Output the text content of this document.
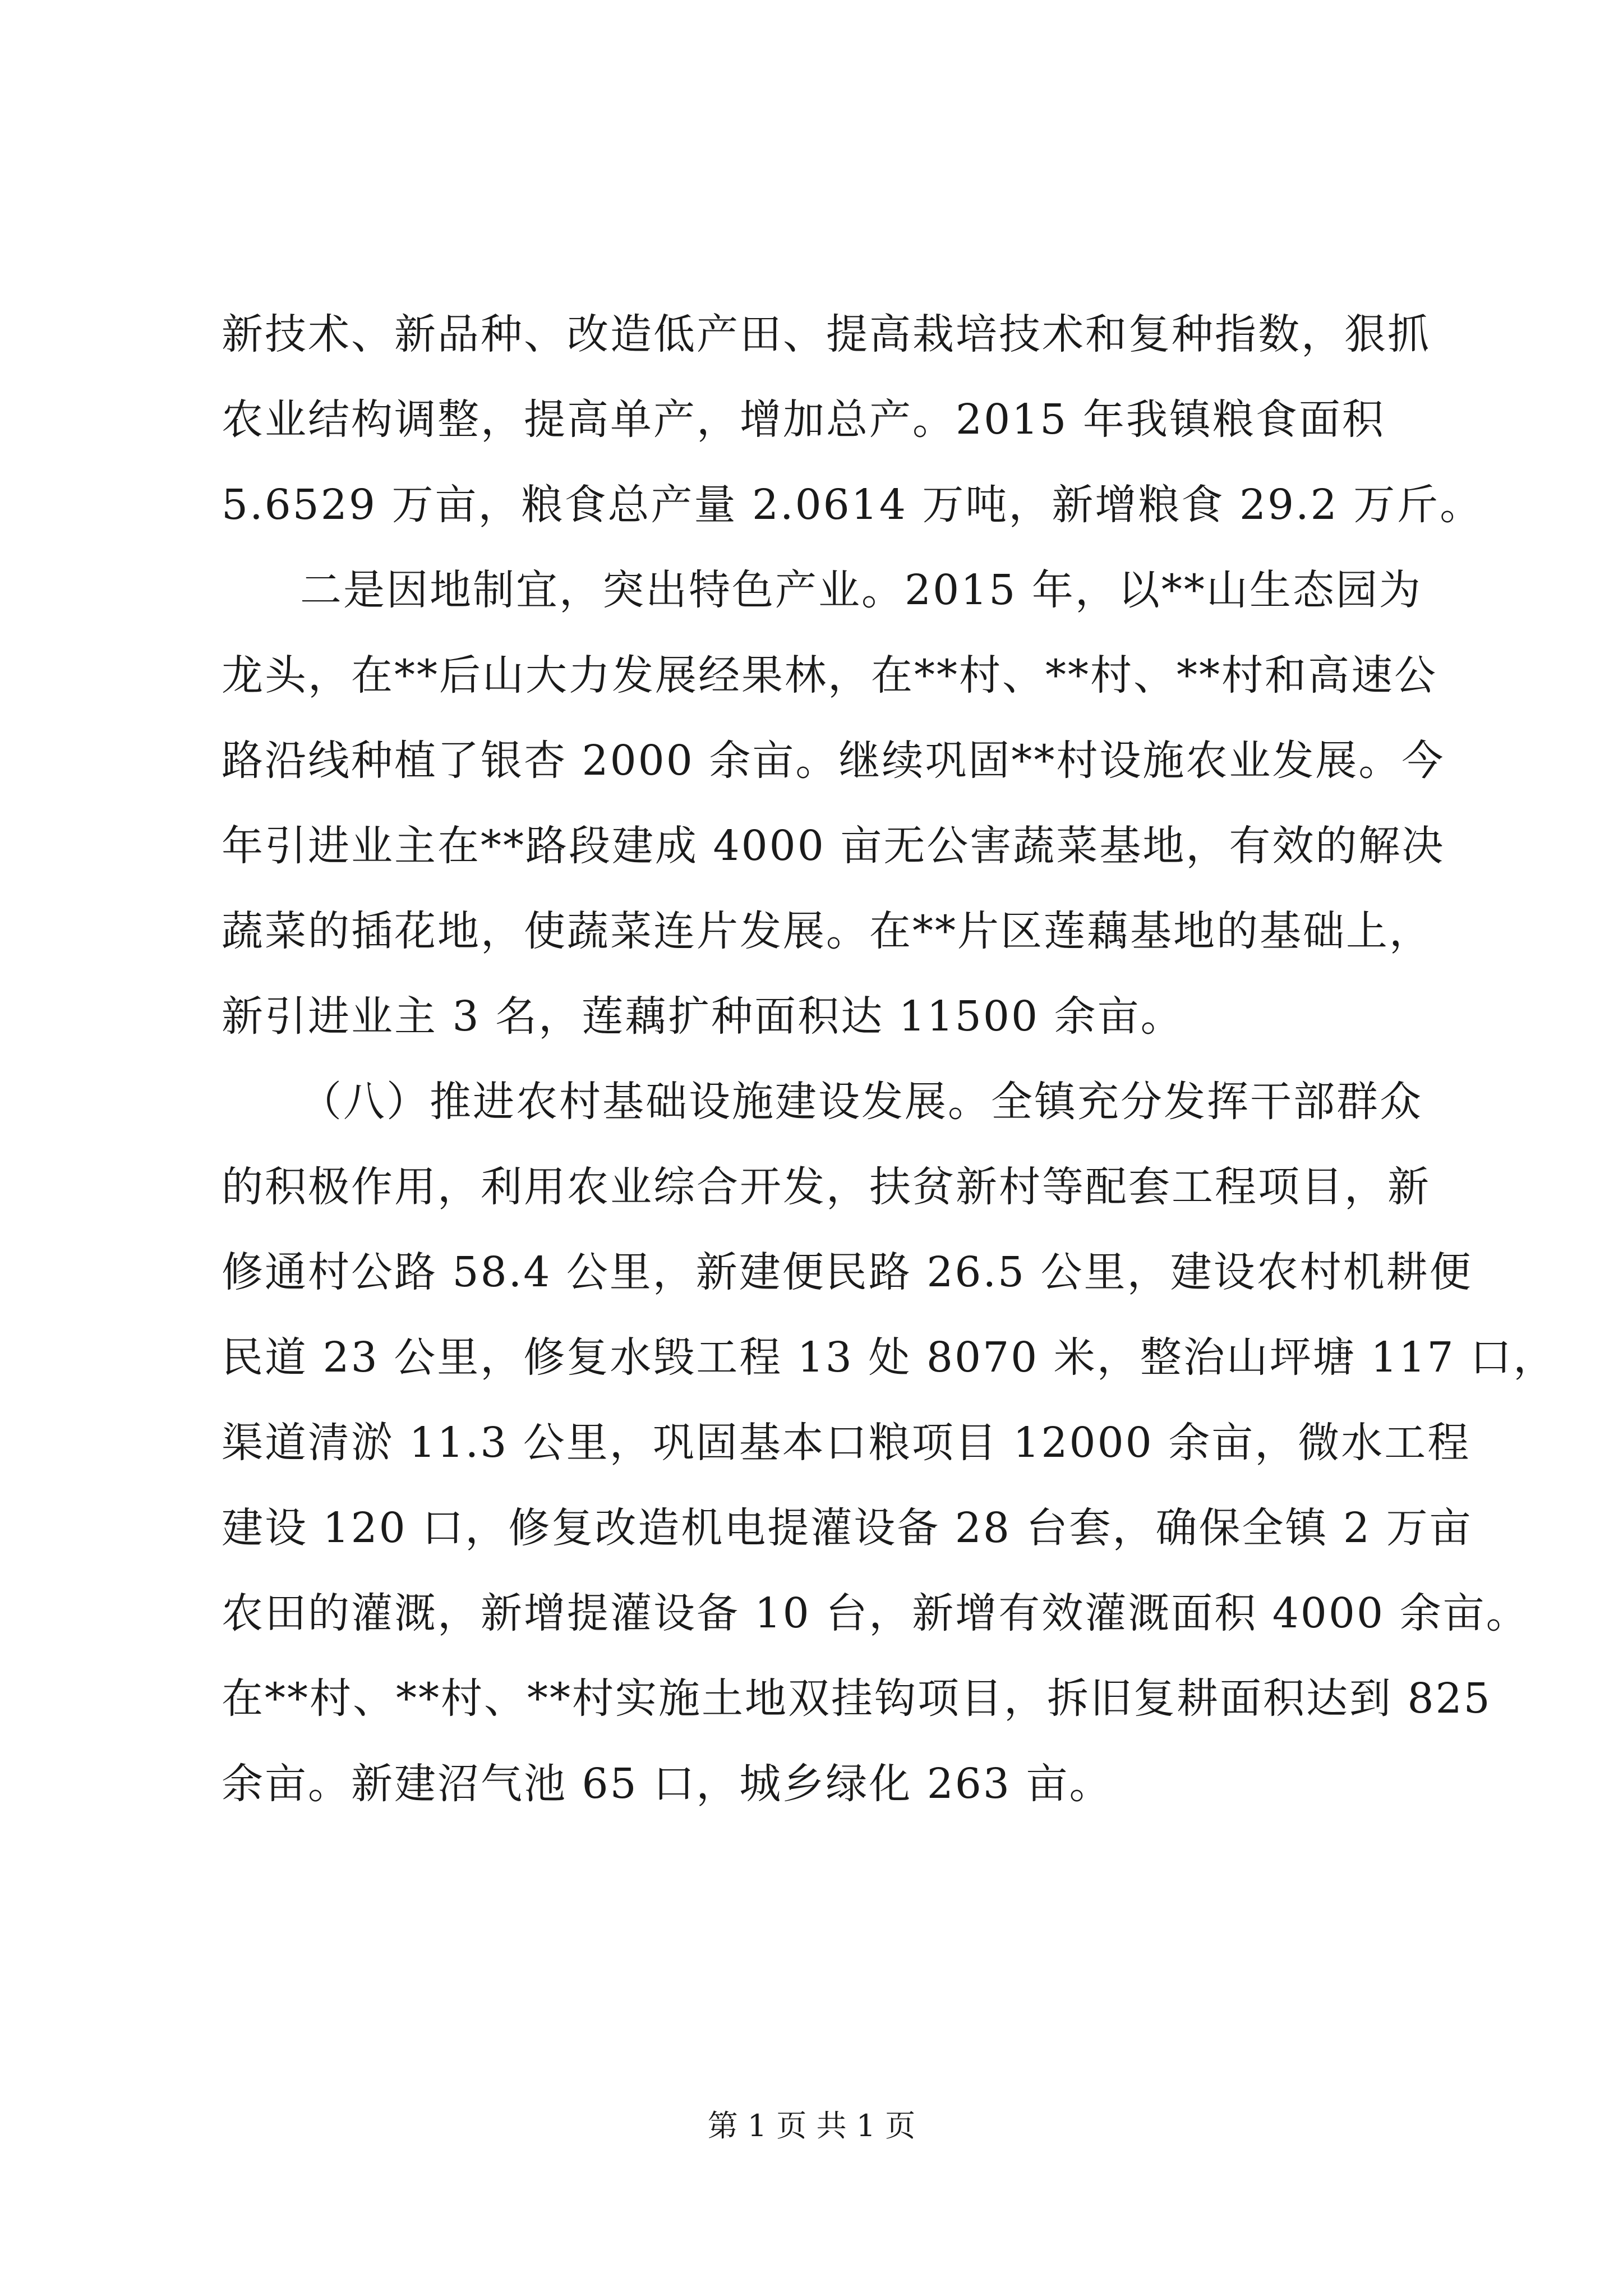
新技术、新品种、改造低产田、提高栽培技术和复种指数，狠抓
农业结构调整，提高单产，增加总产。2015 年我镇粮食面积
5.6529 万亩，粮食总产量 2.0614 万吨，新增粮食 29.2 万斤。
二是因地制宜，突出特色产业。2015 年，以**山生态园为
龙头，在**后山大力发展经果林，在**村、**村、**村和高速公
路沿线种植了银杏 2000 余亩。继续巩固**村设施农业发展。今
年引进业主在**路段建成 4000 亩无公害蔬菜基地，有效的解决
蔬菜的插花地，使蔬菜连片发展。在**片区莲藕基地的基础上，
新引进业主 3 名，莲藕扩种面积达 11500 余亩。
（八）推进农村基础设施建设发展。全镇充分发挥干部群众
的积极作用，利用农业综合开发，扶贫新村等配套工程项目，新
修通村公路 58.4 公里，新建便民路 26.5 公里，建设农村机耕便
民道 23 公里，修复水毁工程 13 处 8070 米，整治山坪塘 117 口，
渠道清淤 11.3 公里，巩固基本口粮项目 12000 余亩，微水工程
建设 120 口，修复改造机电提灌设备 28 台套，确保全镇 2 万亩
农田的灌溉，新增提灌设备 10 台，新增有效灌溉面积 4000 余亩。
在**村、**村、**村实施土地双挂钩项目，拆旧复耕面积达到 825
余亩。新建沼气池 65 口，城乡绿化 263 亩。
第 1 页 共 1 页
